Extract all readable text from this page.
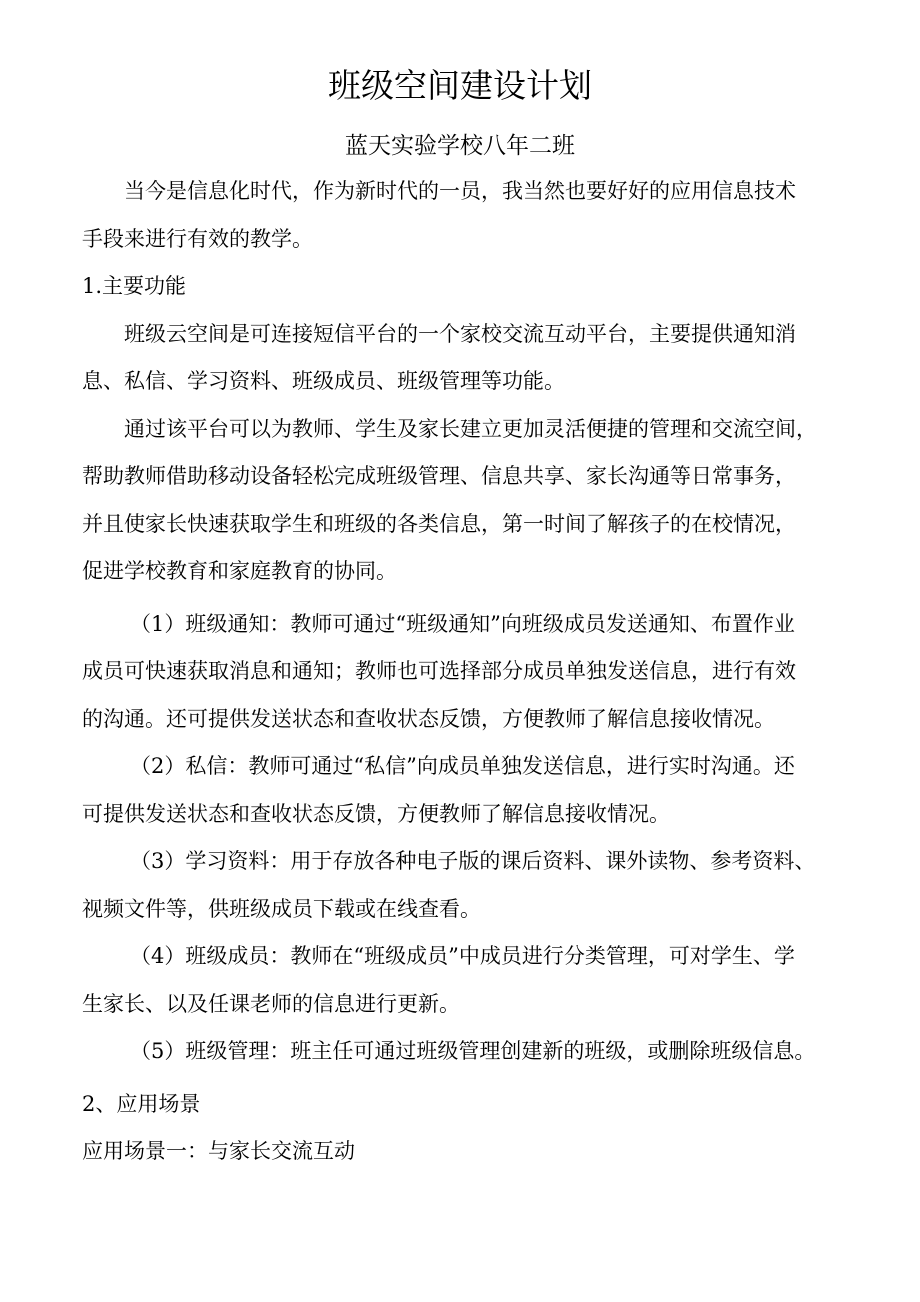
班级空间建设计划
蓝天实验学校八年二班
当今是信息化时代，作为新时代的一员，我当然也要好好的应用信息技术
手段来进行有效的教学。
1.主要功能
班级云空间是可连接短信平台的一个家校交流互动平台，主要提供通知消
息、私信、学习资料、班级成员、班级管理等功能。
通过该平台可以为教师、学生及家长建立更加灵活便捷的管理和交流空间，
帮助教师借助移动设备轻松完成班级管理、信息共享、家长沟通等日常事务，
并且使家长快速获取学生和班级的各类信息，第一时间了解孩子的在校情况，
促进学校教育和家庭教育的协同。
（1）班级通知：教师可通过“班级通知”向班级成员发送通知、布置作业
成员可快速获取消息和通知；教师也可选择部分成员单独发送信息，进行有效
的沟通。还可提供发送状态和查收状态反馈，方便教师了解信息接收情况。
（2）私信：教师可通过“私信”向成员单独发送信息，进行实时沟通。还
可提供发送状态和查收状态反馈，方便教师了解信息接收情况。
（3）学习资料：用于存放各种电子版的课后资料、课外读物、参考资料、
视频文件等，供班级成员下载或在线查看。
（4）班级成员：教师在“班级成员”中成员进行分类管理，可对学生、学
生家长、以及任课老师的信息进行更新。
（5）班级管理：班主任可通过班级管理创建新的班级，或删除班级信息。
2、应用场景
应用场景一：与家长交流互动
